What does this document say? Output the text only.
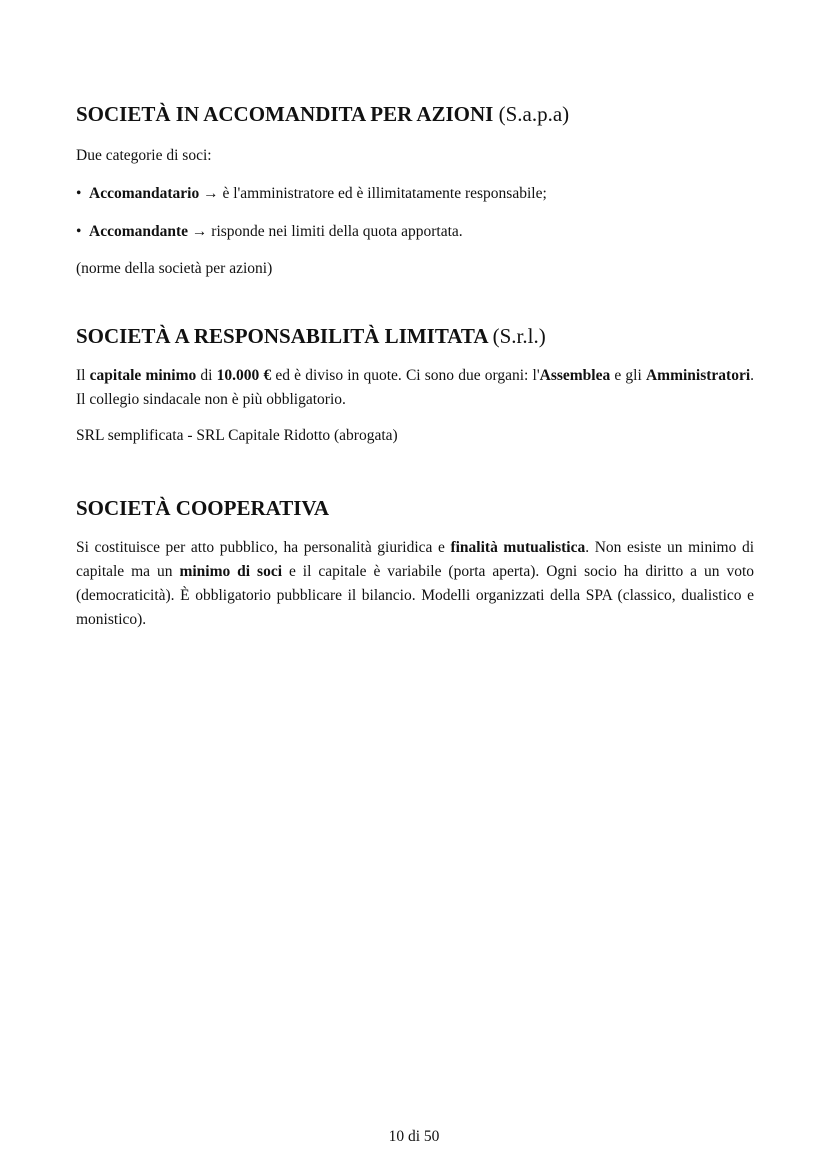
SOCIETÀ IN ACCOMANDITA PER AZIONI (S.a.p.a)

Due categorie di soci:

• Accomandatario → è l'amministratore ed è illimitatamente responsabile;

• Accomandante → risponde nei limiti della quota apportata.

(norme della società per azioni)

SOCIETÀ A RESPONSABILITÀ LIMITATA (S.r.l.)

Il capitale minimo di 10.000 € ed è diviso in quote. Ci sono due organi: l'Assemblea e gli Amministratori. Il collegio sindacale non è più obbligatorio.

SRL semplificata - SRL Capitale Ridotto (abrogata)

SOCIETÀ COOPERATIVA

Si costituisce per atto pubblico, ha personalità giuridica e finalità mutualistica. Non esiste un minimo di capitale ma un minimo di soci e il capitale è variabile (porta aperta). Ogni socio ha diritto a un voto (democraticità). È obbligatorio pubblicare il bilancio. Modelli organizzati della SPA (classico, dualistico e monistico).

10 di 50
